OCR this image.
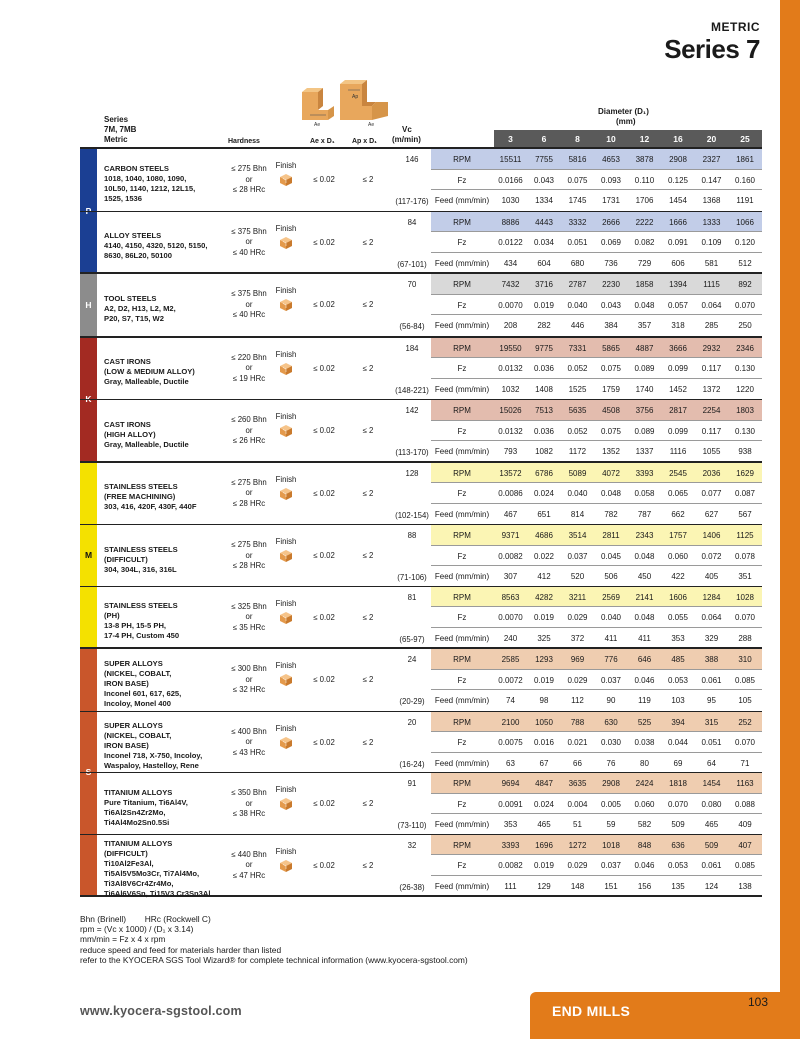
METRIC
Series 7
Ap
Ae	Ae
Series
7M, 7MB
Metric	Hardness	Ae x D₁ Ap x D₁
Vc
(m/min)
Diameter (D₁)
(mm)
3	6	8	10	12	16	20	25
P
CARBON STEELS
1018, 1040, 1080, 1090,
10L50, 1140, 1212, 12L15,
1525, 1536
≤ 275 Bhn
or
≤ 28 HRc
Finish
≤ 0.02	≤ 2
146
(117-176)
RPM	15511	7755	5816	4653	3878	2908	2327	1861
Fz	0.0166	0.043	0.075	0.093	0.110	0.125	0.147	0.160
Feed (mm/min)	1030	1334	1745	1731	1706	1454	1368	1191
ALLOY STEELS
4140, 4150, 4320, 5120, 5150,
8630, 86L20, 50100
≤ 375 Bhn
or
≤ 40 HRc
Finish
≤ 0.02	≤ 2
84
(67-101)
RPM	8886	4443	3332	2666	2222	1666	1333	1066
Fz	0.0122	0.034	0.051	0.069	0.082	0.091	0.109	0.120
Feed (mm/min)	434	604	680	736	729	606	581	512
H
TOOL STEELS
A2, D2, H13, L2, M2,
P20, S7, T15, W2
≤ 375 Bhn
or
≤ 40 HRc
Finish
≤ 0.02	≤ 2
70
(56-84)
RPM	7432	3716	2787	2230	1858	1394	1115	892
Fz	0.0070	0.019	0.040	0.043	0.048	0.057	0.064	0.070
Feed (mm/min)	208	282	446	384	357	318	285	250
K
CAST IRONS
(LOW & MEDIUM ALLOY)
Gray, Malleable, Ductile
≤ 220 Bhn
or
≤ 19 HRc
Finish
≤ 0.02	≤ 2
184
(148-221)
RPM	19550	9775	7331	5865	4887	3666	2932	2346
Fz	0.0132	0.036	0.052	0.075	0.089	0.099	0.117	0.130
Feed (mm/min)	1032	1408	1525	1759	1740	1452	1372	1220
CAST IRONS
(HIGH ALLOY)
Gray, Malleable, Ductile
≤ 260 Bhn
or
≤ 26 HRc
Finish
≤ 0.02	≤ 2
142
(113-170)
RPM	15026	7513	5635	4508	3756	2817	2254	1803
Fz	0.0132	0.036	0.052	0.075	0.089	0.099	0.117	0.130
Feed (mm/min)	793	1082	1172	1352	1337	1116	1055	938
M
STAINLESS STEELS
(FREE MACHINING)
303, 416, 420F, 430F, 440F
≤ 275 Bhn
or
≤ 28 HRc
Finish
≤ 0.02	≤ 2
128
(102-154)
RPM	13572	6786	5089	4072	3393	2545	2036	1629
Fz	0.0086	0.024	0.040	0.048	0.058	0.065	0.077	0.087
Feed (mm/min)	467	651	814	782	787	662	627	567
STAINLESS STEELS
(DIFFICULT)
304, 304L, 316, 316L
≤ 275 Bhn
or
≤ 28 HRc
Finish
≤ 0.02	≤ 2
88
(71-106)
RPM	9371	4686	3514	2811	2343	1757	1406	1125
Fz	0.0082	0.022	0.037	0.045	0.048	0.060	0.072	0.078
Feed (mm/min)	307	412	520	506	450	422	405	351
STAINLESS STEELS
(PH)
13-8 PH, 15-5 PH,
17-4 PH, Custom 450
≤ 325 Bhn
or
≤ 35 HRc
Finish
≤ 0.02	≤ 2
81
(65-97)
RPM	8563	4282	3211	2569	2141	1606	1284	1028
Fz	0.0070	0.019	0.029	0.040	0.048	0.055	0.064	0.070
Feed (mm/min)	240	325	372	411	411	353	329	288
S
SUPER ALLOYS
(NICKEL, COBALT,
IRON BASE)
Inconel 601, 617, 625,
Incoloy, Monel 400
≤ 300 Bhn
or
≤ 32 HRc
Finish
≤ 0.02	≤ 2
24
(20-29)
RPM	2585	1293	969	776	646	485	388	310
Fz	0.0072	0.019	0.029	0.037	0.046	0.053	0.061	0.085
Feed (mm/min)	74	98	112	90	119	103	95	105
SUPER ALLOYS
(NICKEL, COBALT,
IRON BASE)
Inconel 718, X-750, Incoloy,
Waspaloy, Hastelloy, Rene
≤ 400 Bhn
or
≤ 43 HRc
Finish
≤ 0.02	≤ 2
20
(16-24)
RPM	2100	1050	788	630	525	394	315	252
Fz	0.0075	0.016	0.021	0.030	0.038	0.044	0.051	0.070
Feed (mm/min)	63	67	66	76	80	69	64	71
TITANIUM ALLOYS
Pure Titanium, Ti6Al4V,
Ti6Al2Sn4Zr2Mo,
Ti4Al4Mo2Sn0.5Si
≤ 350 Bhn
or
≤ 38 HRc
Finish
≤ 0.02	≤ 2
91
(73-110)
RPM	9694	4847	3635	2908	2424	1818	1454	1163
Fz	0.0091	0.024	0.004	0.005	0.060	0.070	0.080	0.088
Feed (mm/min)	353	465	51	59	582	509	465	409
TITANIUM ALLOYS
(DIFFICULT)
Ti10Al2Fe3Al,
Ti5Al5V5Mo3Cr, Ti7Al4Mo,
Ti3Al8V6Cr4Zr4Mo,
Ti6Al6V6Sn, Ti15V3 Cr3Sn3Al
≤ 440 Bhn
or
≤ 47 HRc
Finish
≤ 0.02	≤ 2
32
(26-38)
RPM	3393	1696	1272	1018	848	636	509	407
Fz	0.0082	0.019	0.029	0.037	0.046	0.053	0.061	0.085
Feed (mm/min)	111	129	148	151	156	135	124	138
Bhn (Brinell)        HRc (Rockwell C)
rpm = (Vc x 1000) / (D₁ x 3.14)
mm/min = Fz x 4 x rpm
reduce speed and feed for materials harder than listed
refer to the KYOCERA SGS Tool Wizard® for complete technical information (www.kyocera-sgstool.com)
www.kyocera-sgstool.com	END MILLS
103
